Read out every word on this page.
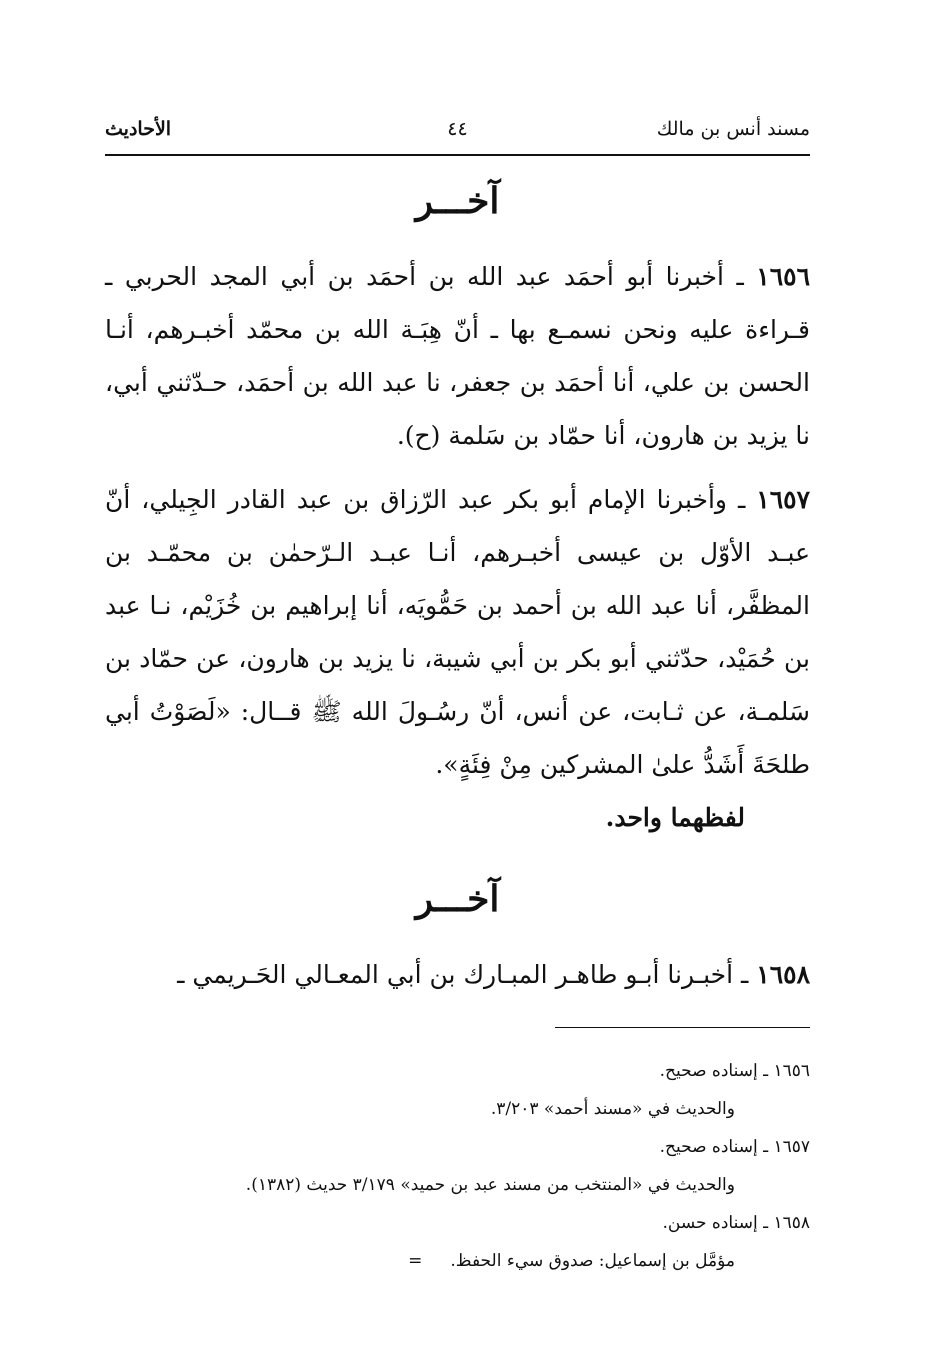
مسند أنس بن مالك
٤٤
الأحاديث
آخـــر
١٦٥٦ ـ أخبرنا أبو أحمَد عبد الله بن أحمَد بن أبي المجد الحربي ـ قـراءة عليه ونحن نسمـع بها ـ أنّ هِبَـة الله بن محمّد أخبـرهم، أنـا الحسن بن علي، أنا أحمَد بن جعفر، نا عبد الله بن أحمَد، حـدّثني أبي، نا يزيد بن هارون، أنا حمّاد بن سَلمة (ح).
١٦٥٧ ـ وأخبرنا الإمام أبو بكر عبد الرّزاق بن عبد القادر الجِيلي، أنّ عبـد الأوّل بن عيسى أخبـرهم، أنـا عبـد الـرّحمٰن بن محمّـد بن المظفَّر، أنا عبد الله بن أحمد بن حَمُّويَه، أنا إبراهيم بن خُزَيْم، نـا عبد بن حُمَيْد، حدّثني أبو بكر بن أبي شيبة، نا يزيد بن هارون، عن حمّاد بن سَلمـة، عن ثـابت، عن أنس، أنّ رسُـولَ الله ﷺ قــال: «لَصَوْتُ أبي طلحَةَ أَشَدُّ علىٰ المشركين مِنْ فِئَةٍ».
لفظهما واحد.
آخـــر
١٦٥٨ ـ أخبـرنا أبـو طاهـر المبـارك بن أبي المعـالي الحَـريمي ـ
١٦٥٦ ـ إسناده صحيح.
والحديث في «مسند أحمد» ٣/٢٠٣.
١٦٥٧ ـ إسناده صحيح.
والحديث في «المنتخب من مسند عبد بن حميد» ٣/١٧٩ حديث (١٣٨٢).
١٦٥٨ ـ إسناده حسن.
مؤمَّل بن إسماعيل: صدوق سيء الحفظ.=
